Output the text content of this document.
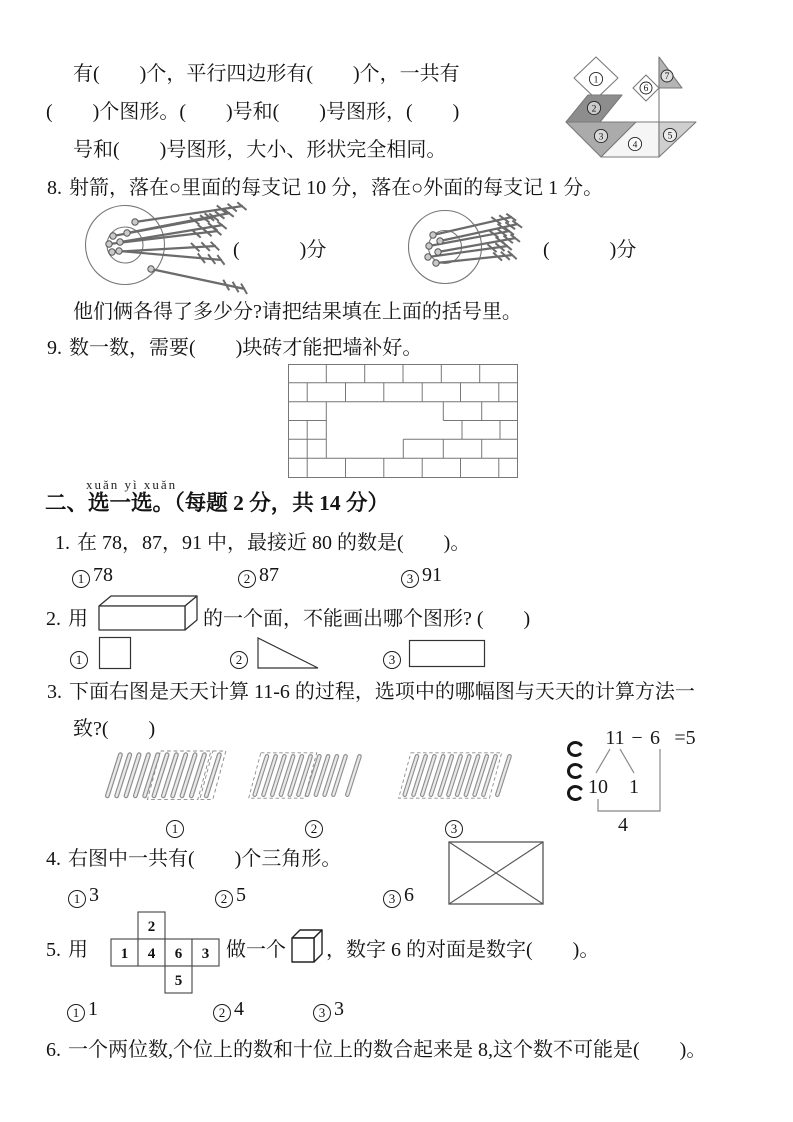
有(　　)个，平行四边形有(　　)个，一共有
(　　)个图形。(　　)号和(　　)号图形，(　　)
号和(　　)号图形，大小、形状完全相同。
1
2
3
4
5
6
7
8. 射箭，落在○里面的每支记 10 分，落在○外面的每支记 1 分。
(　　　)分	(　　　)分
他们俩各得了多少分?请把结果填在上面的括号里。
9. 数一数，需要(　　)块砖才能把墙补好。
xuǎn yì xuǎn
二、选一选。（每题 2 分，共 14 分）
1. 在 78，87，91 中，最接近 80 的数是(　　)。
1 78	2 87	3 91
2. 用	的一个面，不能画出哪个图形? (　　)
1	2	3
3. 下面右图是天天计算 11-6 的过程，选项中的哪幅图与天天的计算方法一
致?(　　)	11 − 6 =5
10 1
4
1	2	3
4. 右图中一共有(　　)个三角形。
1 3	2 5	3 6
5. 用
2
1 4 6 3
5
做一个 ，数字 6 的对面是数字(　　)。
1 1	2 4	3 3
6. 一个两位数,个位上的数和十位上的数合起来是 8,这个数不可能是(　　)。
